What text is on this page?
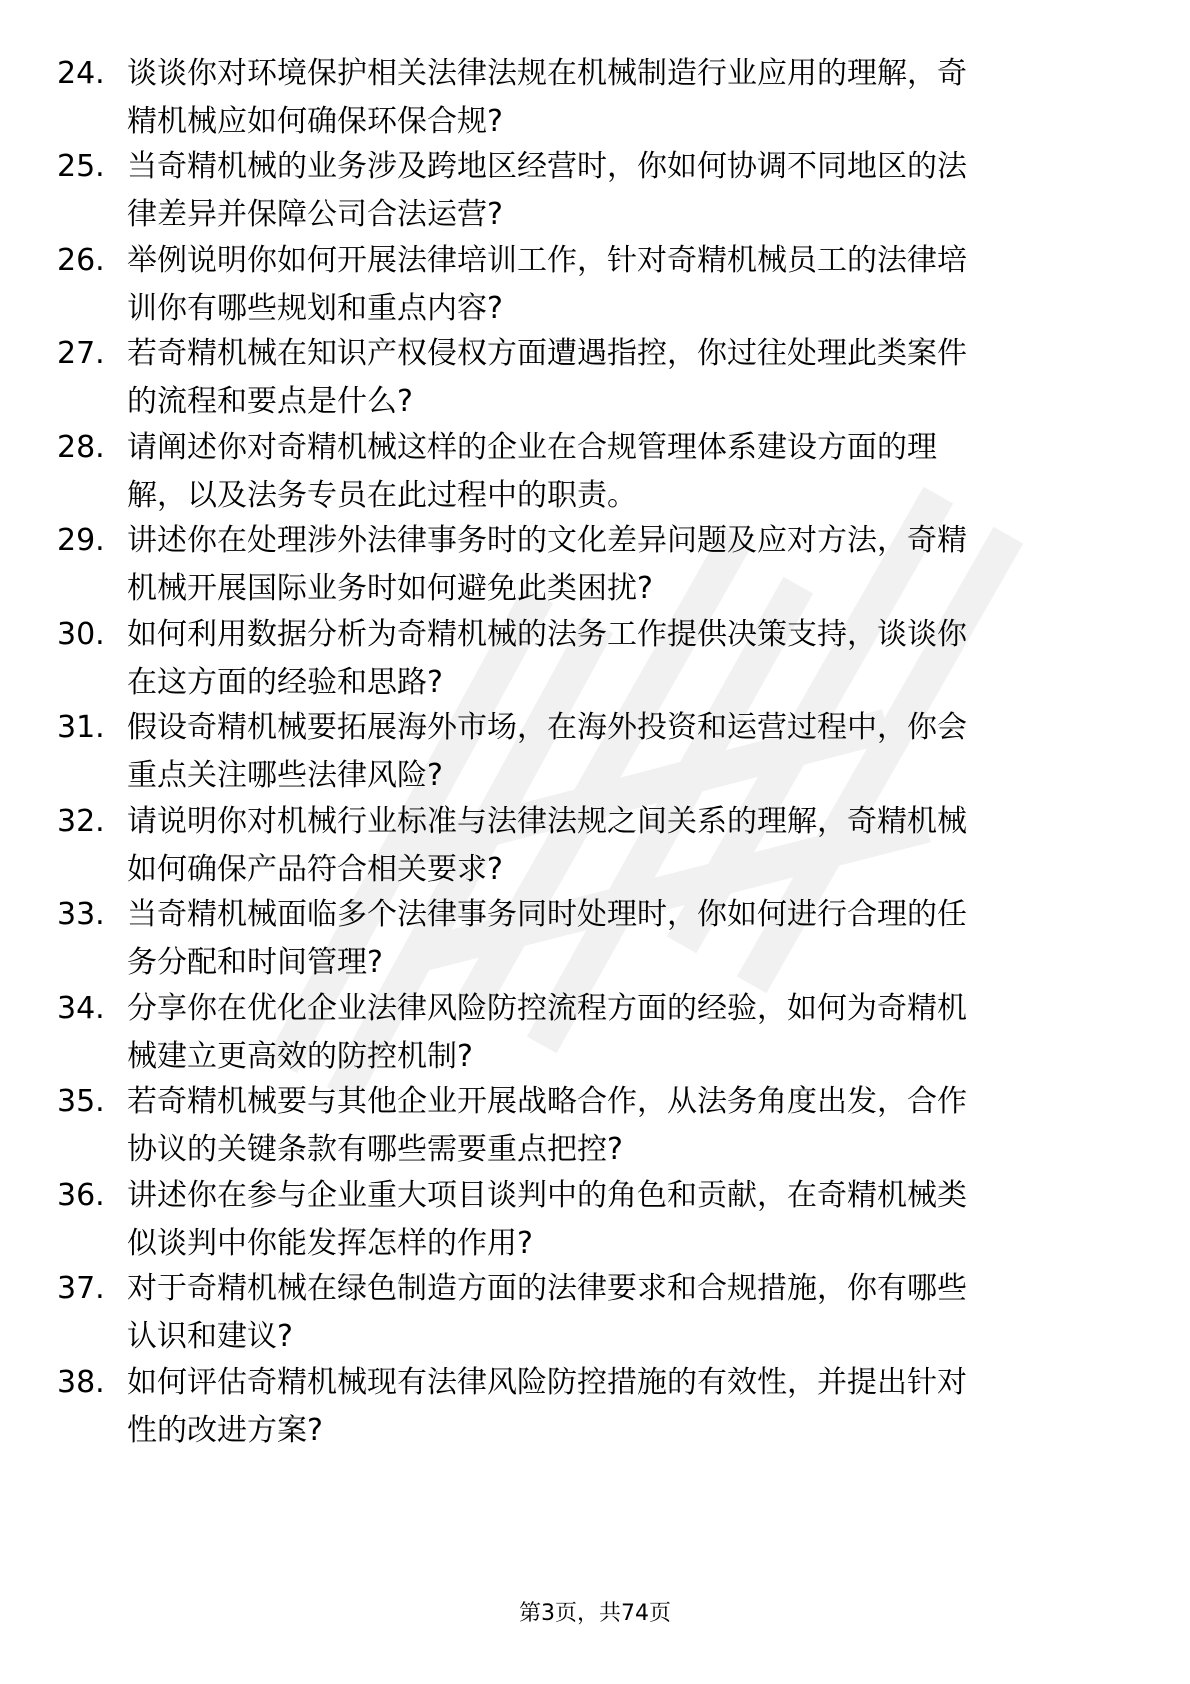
24. 谈谈你对环境保护相关法律法规在机械制造行业应用的理解，奇
精机械应如何确保环保合规?
25. 当奇精机械的业务涉及跨地区经营时，你如何协调不同地区的法
律差异并保障公司合法运营?
26. 举例说明你如何开展法律培训工作，针对奇精机械员工的法律培
训你有哪些规划和重点内容?
27. 若奇精机械在知识产权侵权方面遭遇指控，你过往处理此类案件
的流程和要点是什么?
28. 请阐述你对奇精机械这样的企业在合规管理体系建设方面的理
解，以及法务专员在此过程中的职责。
29. 讲述你在处理涉外法律事务时的文化差异问题及应对方法，奇精
机械开展国际业务时如何避免此类困扰?
30. 如何利用数据分析为奇精机械的法务工作提供决策支持，谈谈你
在这方面的经验和思路?
31. 假设奇精机械要拓展海外市场，在海外投资和运营过程中，你会
重点关注哪些法律风险?
32. 请说明你对机械行业标准与法律法规之间关系的理解，奇精机械
如何确保产品符合相关要求?
33. 当奇精机械面临多个法律事务同时处理时，你如何进行合理的任
务分配和时间管理?
34. 分享你在优化企业法律风险防控流程方面的经验，如何为奇精机
械建立更高效的防控机制?
35. 若奇精机械要与其他企业开展战略合作，从法务角度出发，合作
协议的关键条款有哪些需要重点把控?
36. 讲述你在参与企业重大项目谈判中的角色和贡献，在奇精机械类
似谈判中你能发挥怎样的作用?
37. 对于奇精机械在绿色制造方面的法律要求和合规措施，你有哪些
认识和建议?
38. 如何评估奇精机械现有法律风险防控措施的有效性，并提出针对
性的改进方案?
第3页，共74页
